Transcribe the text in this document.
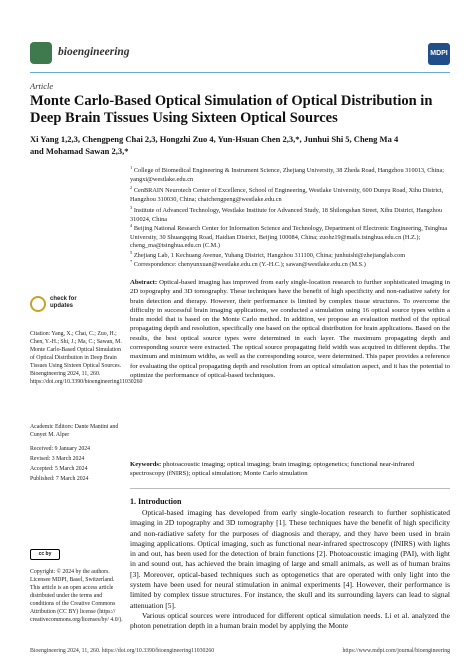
bioengineering	MDPI
Article
Monte Carlo-Based Optical Simulation of Optical Distribution in Deep Brain Tissues Using Sixteen Optical Sources
Xi Yang 1,2,3, Chengpeng Chai 2,3, Hongzhi Zuo 4, Yun-Hsuan Chen 2,3,*, Junhui Shi 5, Cheng Ma 4
and Mohamad Sawan 2,3,*
$^1$ College of Biomedical Engineering & Instrument Science, Zhejiang University, 38 Zheda Road, Hangzhou 310013, China; yangxi@westlake.edu.cn
$^2$ CenBRAIN Neurotech Center of Excellence, School of Engineering, Westlake University, 600 Dunyu Road, Xihu District, Hangzhou 310030, China; chaichengpeng@westlake.edu.cn
$^3$ Institute of Advanced Technology, Westlake Institute for Advanced Study, 18 Shilongshan Street, Xihu District, Hangzhou 310024, China
$^4$ Beijing National Research Center for Information Science and Technology, Department of Electronic Engineering, Tsinghua University, 30 Shuangqing Road, Haidian District, Beijing 100084, China; zuohz19@mails.tsinghua.edu.cn (H.Z.); cheng_ma@tsinghua.edu.cn (C.M.)
$^5$ Zhejiang Lab, 1 Kechuang Avenue, Yuhang District, Hangzhou 311100, China; junhuishi@zhejianglab.com
* Correspondence: chenyunxuan@westlake.edu.cn (Y.-H.C.); sawan@westlake.edu.cn (M.S.)
Abstract: Optical-based imaging has improved from early single-location research to further sophisticated imaging in 2D topography and 3D tomography. These techniques have the benefit of high specificity and non-radiative safety for brain detection and therapy. However, their performance is limited by complex tissue structures. To overcome the difficulty in successful brain imaging applications, we conducted a simulation using 16 optical source types within a brain model that is based on the Monte Carlo method. In addition, we propose an evaluation method of the optical propagating depth and resolution, specifically one based on the optical distribution for brain applications. Based on the results, the best optical source types were determined in each layer. The maximum propagating depth and corresponding source were extracted. The optical source propagating field width was acquired in different depths. The maximum and minimum widths, as well as the corresponding source, were determined. This paper provides a reference for evaluating the optical propagating depth and resolution from an optical simulation aspect, and it has the potential to optimize the performance of optical-based techniques.
Keywords: photoacoustic imaging; optical imaging; brain imaging; optogenetics; functional near-infrared spectroscopy (fNIRS); optical simulation; Monte Carlo simulation
check for updates
Citation: Yang, X.; Chai, C.; Zuo, H.; Chen, Y.-H.; Shi, J.; Ma, C.; Sawan, M. Monte Carlo-Based Optical Simulation of Optical Distribution in Deep Brain Tissues Using Sixteen Optical Sources. Bioengineering 2024, 11, 260. https://doi.org/10.3390/bioengineering11030260
Academic Editors: Dante Mantini and Cunyet M. Alper
Received: 9 January 2024
Revised: 3 March 2024
Accepted: 5 March 2024
Published: 7 March 2024
cc by
Copyright: © 2024 by the authors. Licensee MDPI, Basel, Switzerland. This article is an open access article distributed under the terms and conditions of the Creative Commons Attribution (CC BY) license (https:// creativecommons.org/licenses/by/ 4.0/).
1. Introduction

Optical-based imaging has developed from early single-location research to further sophisticated imaging in 2D topography and 3D tomography [1]. These techniques have the benefit of high specificity and non-radiative safety for the purposes of diagnosis and therapy, and they have been used in brain imaging applications. Optical imaging, such as functional near-infrared spectroscopy (fNIRS) with lights in and out, has been used for the detection of brain functions [2]. Photoacoustic imaging (PAI), with light in and sound out, has achieved the brain imaging of large and small animals, as well as of human brains [3]. Moreover, optical-based techniques such as optogenetics that are operated with only light into the system have been used for neural stimulation in animal experiments [4]. However, their performance is limited by complex tissue structures. For instance, the skull and its surrounding layers can lead to signal attenuation [5].

Various optical sources were introduced for different optical simulation needs. Li et al. analyzed the photon penetration depth in a human brain model by applying the Monte

Bioengineering 2024, 11, 260. https://doi.org/10.3390/bioengineering11030260	https://www.mdpi.com/journal/bioengineering
